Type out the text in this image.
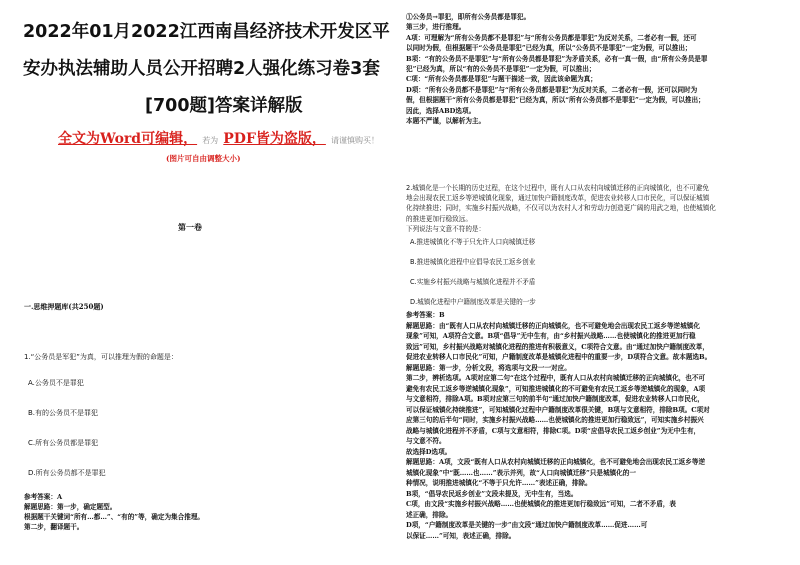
2022年01月2022江西南昌经济技术开发区平
安办执法辅助人员公开招聘2人强化练习卷3套
[700题]答案详解版
全文为Word可编辑， 若为 PDF皆为盗版， 请谨慎购买！
(图片可自由调整大小)
第一卷
一.思维押题库(共250题)
1.“公务员是军犯”为真，可以推理为假的命题是：
A.公务员不是罪犯
B.有的公务员不是罪犯
C.所有公务员都是罪犯
D.所有公务员都不是罪犯
参考答案：A
解题思路：第一步，确定题型。
根据题干关键词“所有…都…”、“有的”等，确定为集合推理。
第二步，翻译题干。
①公务员→罪犯，即所有公务员都是罪犯。
第三步，进行推理。
A项：可理解为“所有公务员都不是罪犯”与“所有公务员都是罪犯”为反对关系，二者必有一假，还可
以同时为假，但根据题干“公务员是罪犯”已经为真，所以“公务员不是罪犯”一定为假，可以推出；
B项：“有的公务员不是罪犯”与“所有公务员都是罪犯”为矛盾关系，必有一真一假，由“所有公务员是罪
犯”已经为真，所以“有的公务员不是罪犯”一定为假，可以推出；
C项：“所有公务员都是罪犯”与题干描述一致，因此该命题为真；
D项：“所有公务员都不是罪犯”与“所有公务员都是罪犯”为反对关系，二者必有一假，还可以同时为
假，但根据题干“所有公务员都是罪犯”已经为真，所以“所有公务员都不是罪犯”一定为假，可以推出；
因此，选择ABD选项。
本题不严谨，以解析为主。
2.城镇化是一个长期的历史过程，在这个过程中，既有人口从农村向城镇迁移的正向城镇化，也不可避免
地会出现农民工返乡等逆城镇化现象，通过加快户籍制度改革，促进农业转移人口市民化，可以保证城镇
化持续推进；同时，实施乡村振兴战略，不仅可以为农村人才和劳动力创造更广阔的用武之地，也使城镇化
的推进更加行稳致远。
下列说法与文意不符的是：
A.推进城镇化不等于只允许人口向城镇迁移
B.推进城镇化进程中应倡导农民工返乡创业
C.实施乡村振兴战略与城镇化进程并不矛盾
D.城镇化进程中户籍制度改革是关键的一步
参考答案：B
解题思路：由“既有人口从农村向城镇迁移的正向城镇化，也不可避免地会出现农民工返乡等逆城镇化
现象”可知，A项符合文意。B项“倡导”无中生有，由“乡村振兴战略……也使城镇化的推进更加行稳
致远”可知，乡村振兴战略对城镇化进程的推进有积极意义，C项符合文意。由“通过加快户籍制度改革，
促进农业转移人口市民化”可知，户籍制度改革是城镇化进程中的重要一步，D项符合文意。故本题选B。
解题思路：第一步，分析文段，将选项与文段一一对应。
第二步，辨析选项。A项对应第二句“在这个过程中，既有人口从农村向城镇迁移的正向城镇化，也不可
避免有农民工返乡等逆城镇化现象”，可知推进城镇化的不可避免有农民工返乡等逆城镇化的现象，A项
与文意相符，排除A项。B项对应第三句的前半句“通过加快户籍制度改革，促进农业转移人口市民化，
可以保证城镇化持续推进”，可知城镇化过程中户籍制度改革很关键，B项与文意相符，排除B项。C项对
应第三句的后半句“同时，实施乡村振兴战略……也使城镇化的推进更加行稳致远”，可知实施乡村振兴
战略与城镇化进程并不矛盾，C项与文意相符，排除C项。D项“应倡导农民工返乡创业”为无中生有，
与文意不符。
故选择D选项。
解题思路：A项，文段“既有人口从农村向城镇迁移的正向城镇化，也不可避免地会出现农民工返乡等逆
城镇化现象”中“既……也……”表示并列，故“人口向城镇迁移”只是城镇化的一
种情况，说明推进城镇化“不等于只允许……”表述正确，排除。
B项，“倡导农民返乡创业”文段未提及，无中生有，当选。
C项，由文段“实施乡村振兴战略……也使城镇化的推进更加行稳致远”可知，二者不矛盾，表
述正确，排除。
D项，“户籍制度改革是关键的一步”由文段“通过加快户籍制度改革……促进……可
以保证……”可知，表述正确，排除。
